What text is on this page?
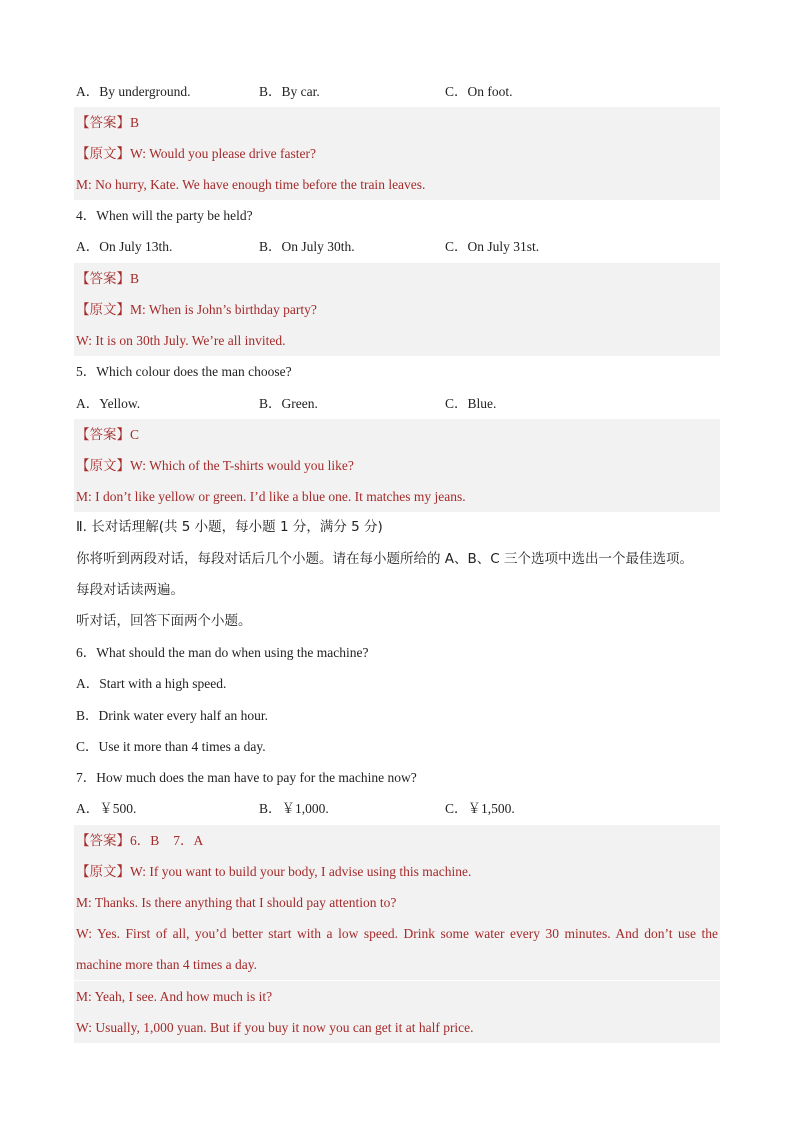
A．By underground.	B．By car.	C．On foot.
【答案】B
【原文】W: Would you please drive faster?
M: No hurry, Kate. We have enough time before the train leaves.
4．When will the party be held?
A．On July 13th.	B．On July 30th.	C．On July 31st.
【答案】B
【原文】M: When is John’s birthday party?
W: It is on 30th July. We’re all invited.
5．Which colour does the man choose?
A．Yellow.	B．Green.	C．Blue.
【答案】C
【原文】W: Which of the T-shirts would you like?
M: I don’t like yellow or green. I’d like a blue one. It matches my jeans.
Ⅱ. 长对话理解(共 5 小题，每小题 1 分，满分 5 分)
你将听到两段对话，每段对话后几个小题。请在每小题所给的 A、B、C 三个选项中选出一个最佳选项。
每段对话读两遍。
听对话，回答下面两个小题。
6．What should the man do when using the machine?
A．Start with a high speed.
B．Drink water every half an hour.
C．Use it more than 4 times a day.
7．How much does the man have to pay for the machine now?
A．￥500.	B．￥1,000.	C．￥1,500.
【答案】6．B 7．A
【原文】W: If you want to build your body, I advise using this machine.
M: Thanks. Is there anything that I should pay attention to?
W: Yes. First of all, you’d better start with a low speed. Drink some water every 30 minutes. And don’t use the
machine more than 4 times a day.
M: Yeah, I see. And how much is it?
W: Usually, 1,000 yuan. But if you buy it now you can get it at half price.
